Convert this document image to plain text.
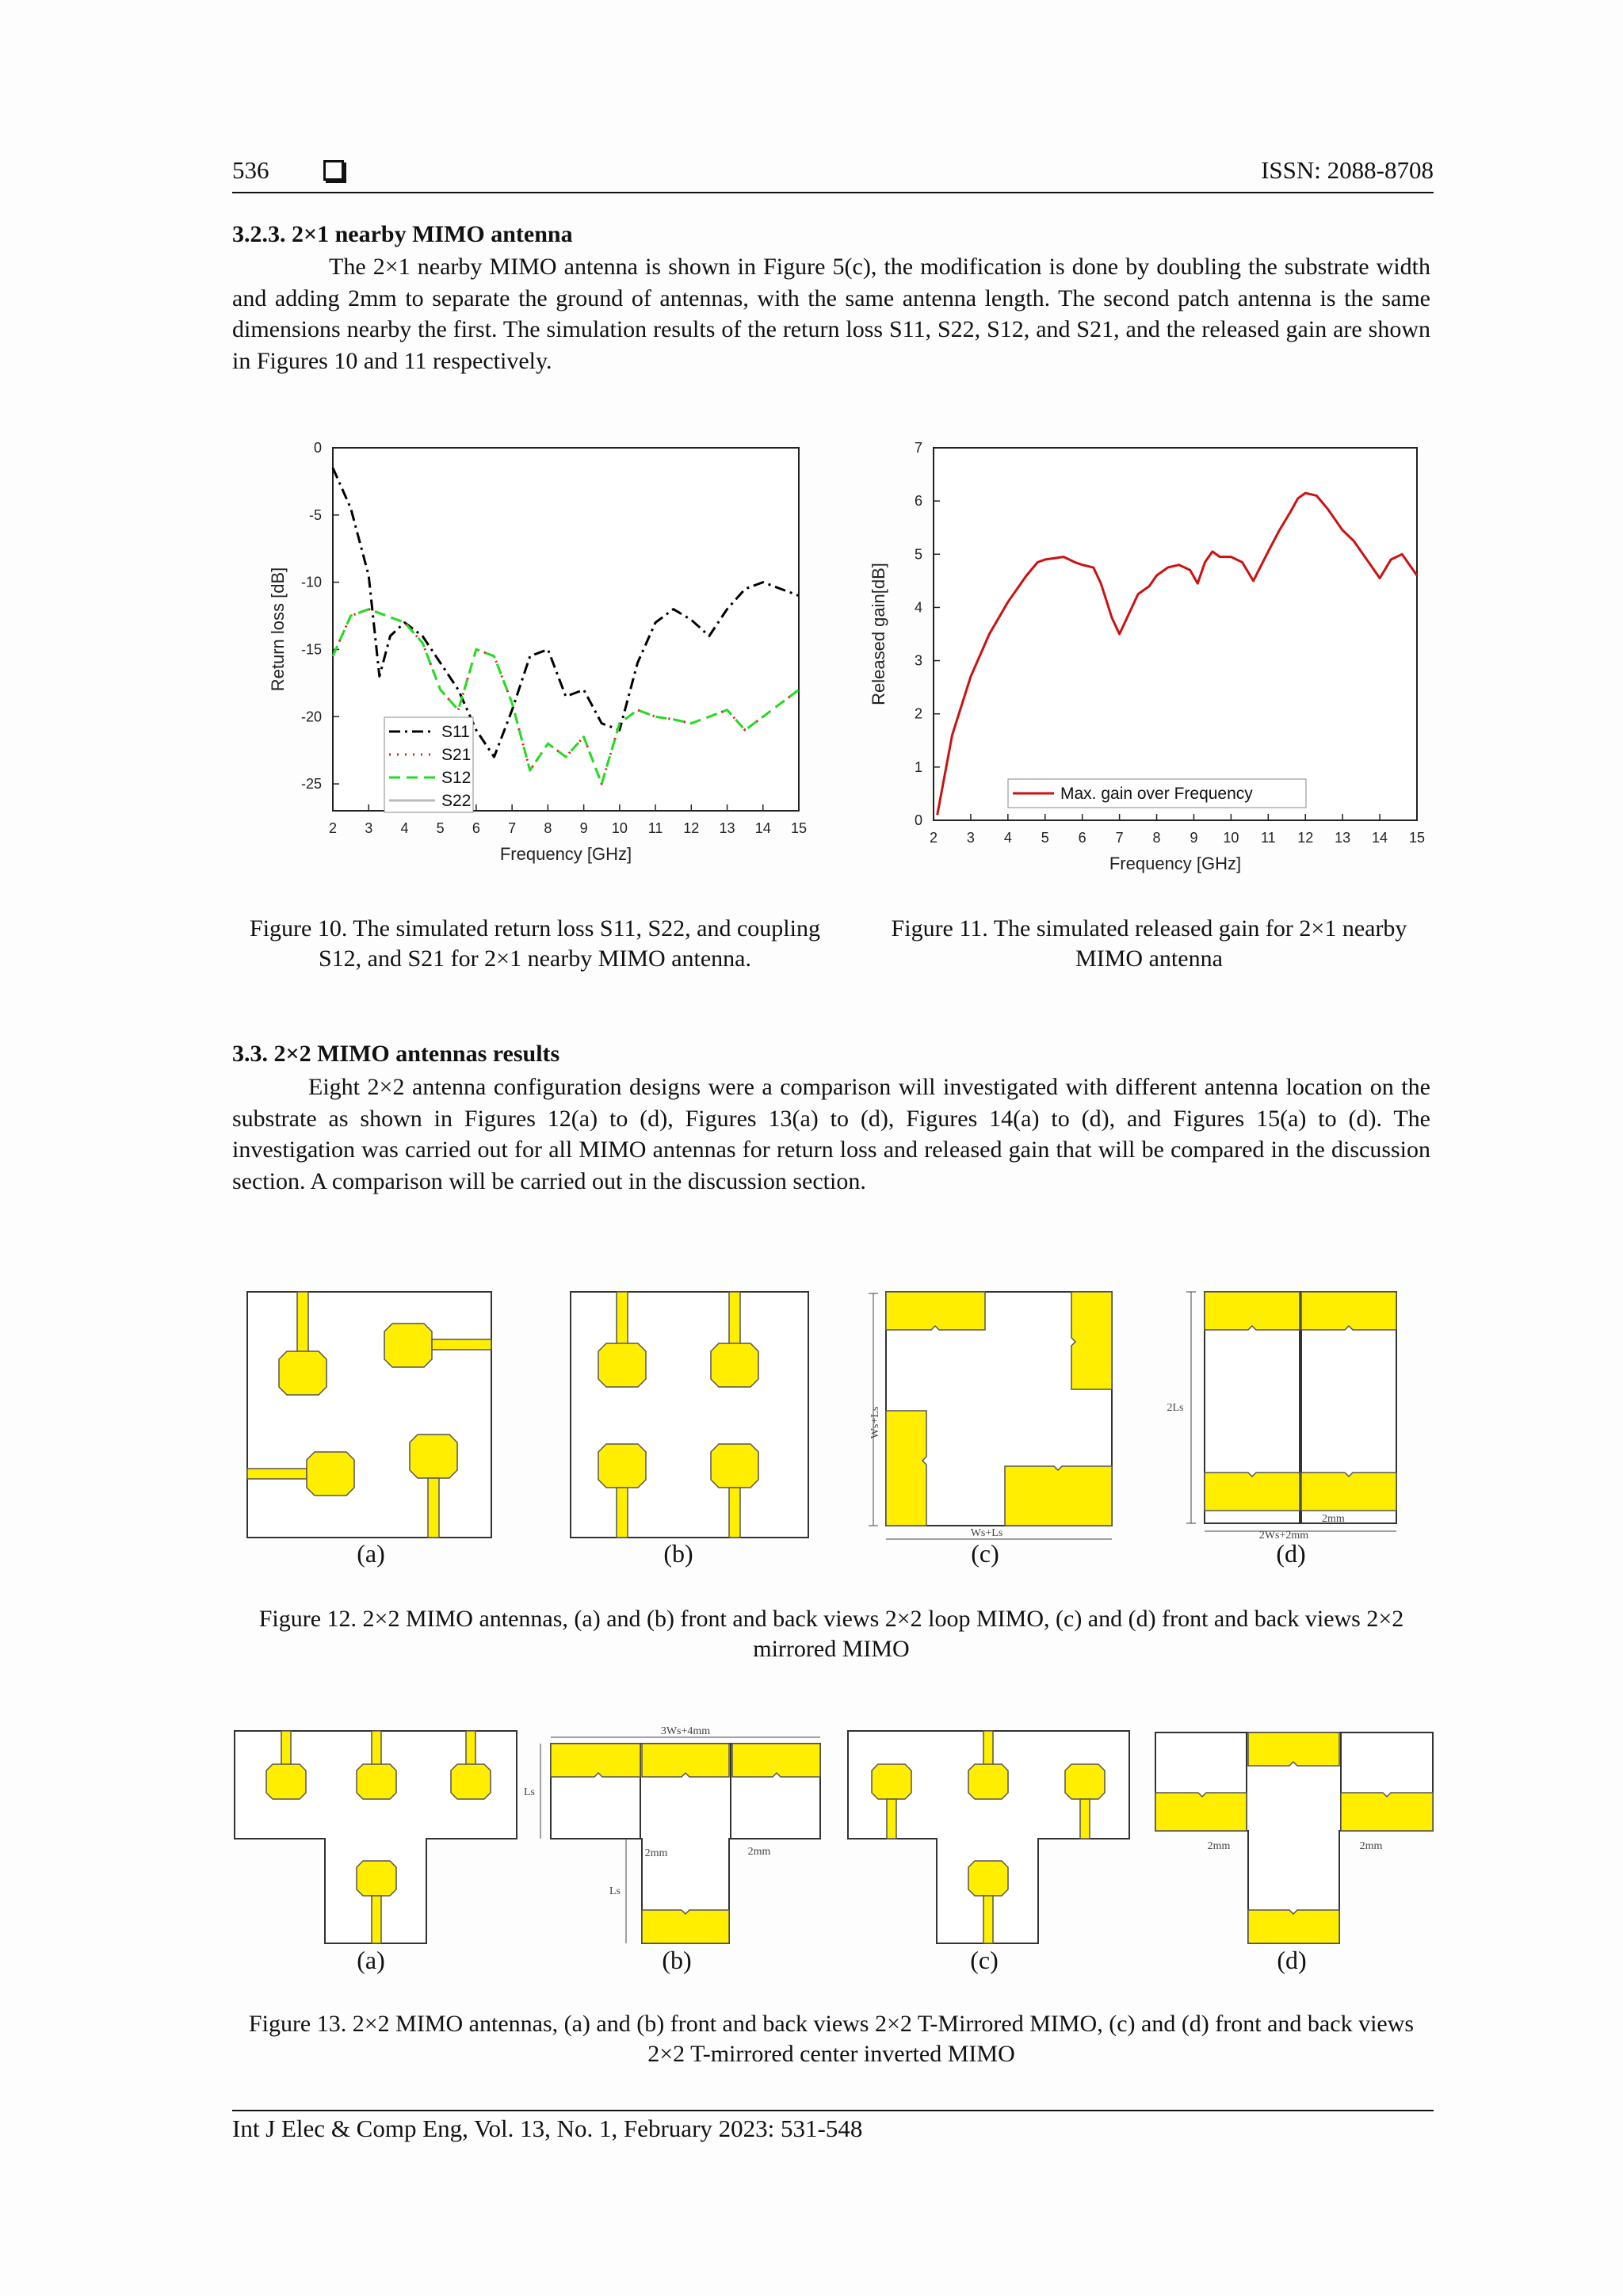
536	ISSN: 2088-8708
3.2.3. 2×1 nearby MIMO antenna
The 2×1 nearby MIMO antenna is shown in Figure 5(c), the modification is done by doubling the substrate width and adding 2mm to separate the ground of antennas, with the same antenna length. The second patch antenna is the same dimensions nearby the first. The simulation results of the return loss S11, S22, S12, and S21, and the released gain are shown in Figures 10 and 11 respectively.
2 3 4 5 6 7 8 9 10 11 12 13 14 15
0
-5
-10
-15
-20
-25
Frequency [GHz]
Return loss [dB]
S11
S21
S12
S22
2 3 4 5 6 7 8 9 10 11 12 13 14 15
0
1
2
3
4
5
6
7
Frequency [GHz]
Released gain[dB]
Max. gain over Frequency
Figure 10. The simulated return loss S11, S22, and coupling S12, and S21 for 2×1 nearby MIMO antenna.
Figure 11. The simulated released gain for 2×1 nearby MIMO antenna
3.3. 2×2 MIMO antennas results
Eight 2×2 antenna configuration designs were a comparison will investigated with different antenna location on the substrate as shown in Figures 12(a) to (d), Figures 13(a) to (d), Figures 14(a) to (d), and Figures 15(a) to (d). The investigation was carried out for all MIMO antennas for return loss and released gain that will be compared in the discussion section. A comparison will be carried out in the discussion section.
Ws+Ls
Ws+Ls
2Ls
2mm
2Ws+2mm
(a)	(b)	(c)	(d)
Figure 12. 2×2 MIMO antennas, (a) and (b) front and back views 2×2 loop MIMO, (c) and (d) front and back views 2×2 mirrored MIMO
3Ws+4mm
Ls
Ls
2mm	2mm	2mm	2mm
(a)	(b)	(c)	(d)
Figure 13. 2×2 MIMO antennas, (a) and (b) front and back views 2×2 T-Mirrored MIMO, (c) and (d) front and back views 2×2 T-mirrored center inverted MIMO
Int J Elec & Comp Eng, Vol. 13, No. 1, February 2023: 531-548
